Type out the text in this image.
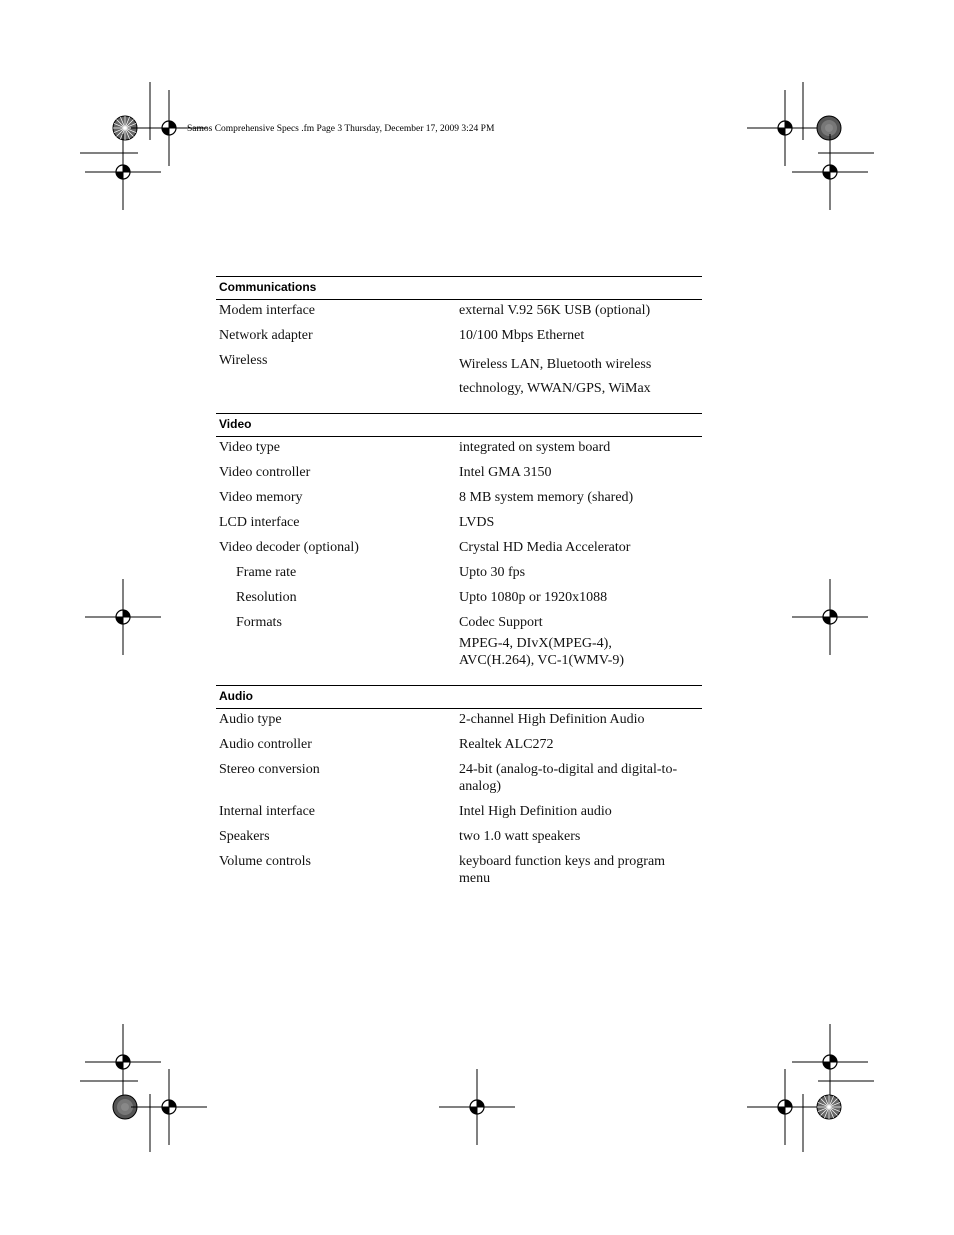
Samos Comprehensive Specs .fm Page 3 Thursday, December 17, 2009 3:24 PM
Communications
Modem interface	external V.92 56K USB (optional)
Network adapter	10/100 Mbps Ethernet
Wireless	Wireless LAN, Bluetooth wireless
technology, WWAN/GPS, WiMax
Video
Video type	integrated on system board
Video controller	Intel GMA 3150
Video memory	8 MB system memory (shared)
LCD interface	LVDS
Video decoder (optional)	Crystal HD Media Accelerator
Frame rate	Upto 30 fps
Resolution	Upto 1080p or 1920x1088
Formats	Codec Support
MPEG-4, DIvX(MPEG-4),
AVC(H.264), VC-1(WMV-9)
Audio
Audio type	2-channel High Definition Audio
Audio controller	Realtek ALC272
Stereo conversion	24-bit (analog-to-digital and digital-to-
analog)
Internal interface	Intel High Definition audio
Speakers	two 1.0 watt speakers
Volume controls	keyboard function keys and program
menu
